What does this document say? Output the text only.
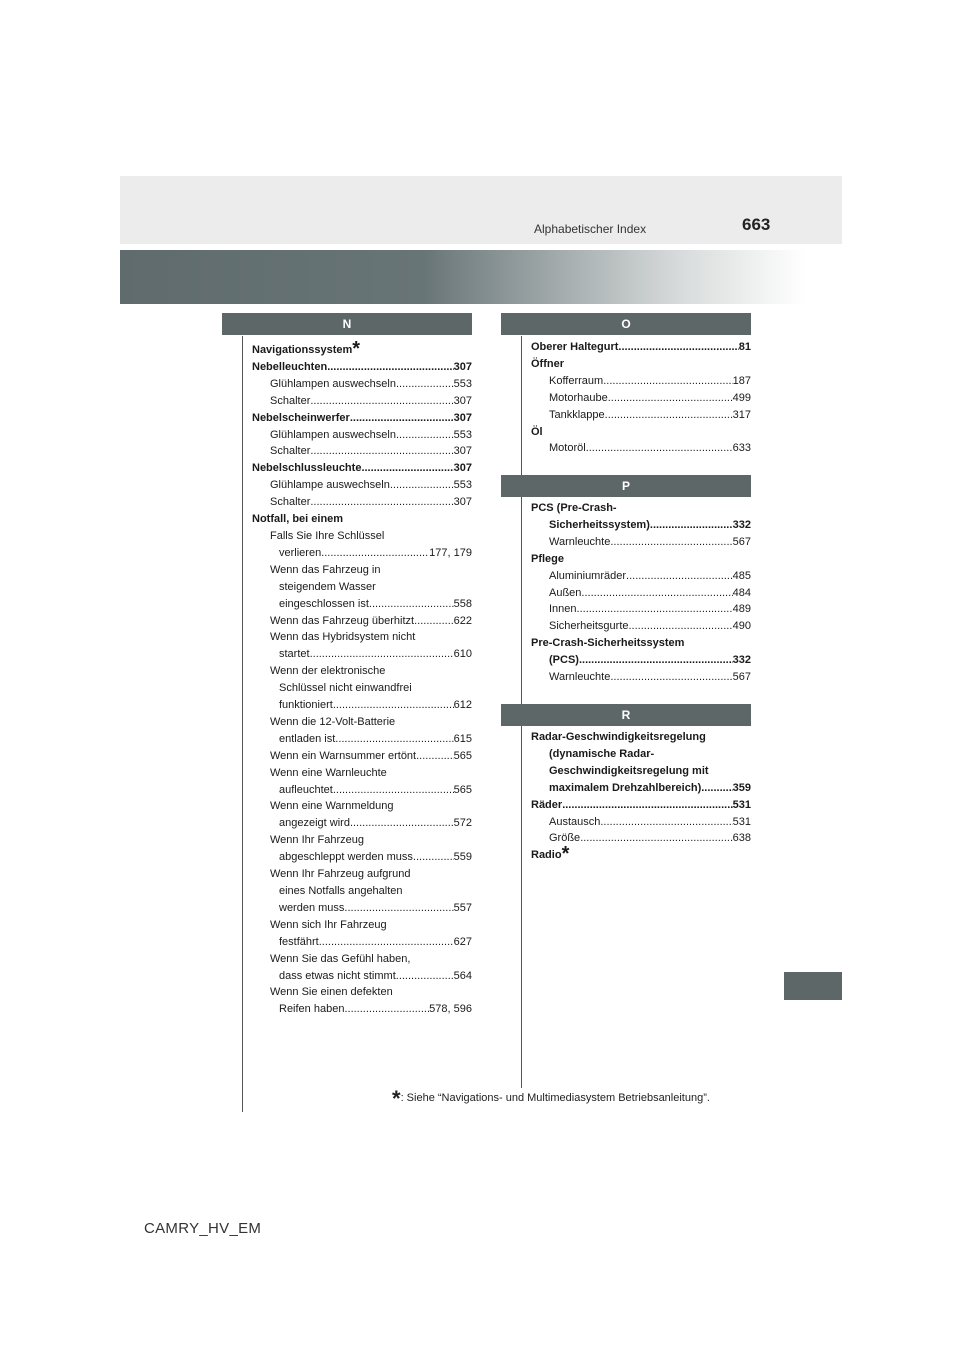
Alphabetischer Index	663
N
Navigationssystem*
Nebelleuchten .....	307
Glühlampen auswechseln .....	553
Schalter .....	307
Nebelscheinwerfer .....	307
Glühlampen auswechseln .....	553
Schalter .....	307
Nebelschlussleuchte .....	307
Glühlampe auswechseln .....	553
Schalter .....	307
Notfall, bei einem
Falls Sie Ihre Schlüssel
verlieren .....	177, 179
Wenn das Fahrzeug in
steigendem Wasser
eingeschlossen ist .....	558
Wenn das Fahrzeug überhitzt .....	622
Wenn das Hybridsystem nicht
startet .....	610
Wenn der elektronische
Schlüssel nicht einwandfrei
funktioniert .....	612
Wenn die 12-Volt-Batterie
entladen ist .....	615
Wenn ein Warnsummer ertönt .....	565
Wenn eine Warnleuchte
aufleuchtet .....	565
Wenn eine Warnmeldung
angezeigt wird .....	572
Wenn Ihr Fahrzeug
abgeschleppt werden muss .....	559
Wenn Ihr Fahrzeug aufgrund
eines Notfalls angehalten
werden muss .....	557
Wenn sich Ihr Fahrzeug
festfährt .....	627
Wenn Sie das Gefühl haben,
dass etwas nicht stimmt .....	564
Wenn Sie einen defekten
Reifen haben .....	578, 596
O
Oberer Haltegurt .....	81
Öffner
Kofferraum .....	187
Motorhaube .....	499
Tankklappe .....	317
Öl
Motoröl .....	633
P
PCS (Pre-Crash-
Sicherheitssystem) .....	332
Warnleuchte .....	567
Pflege
Aluminiumräder .....	485
Außen .....	484
Innen .....	489
Sicherheitsgurte .....	490
Pre-Crash-Sicherheitssystem
(PCS) .....	332
Warnleuchte .....	567
R
Radar-Geschwindigkeitsregelung
(dynamische Radar-
Geschwindigkeitsregelung mit
maximalem Drehzahlbereich) .....	359
Räder .....	531
Austausch .....	531
Größe .....	638
Radio*
*: Siehe “Navigations- und Multimediasystem Betriebsanleitung”.
CAMRY_HV_EM
